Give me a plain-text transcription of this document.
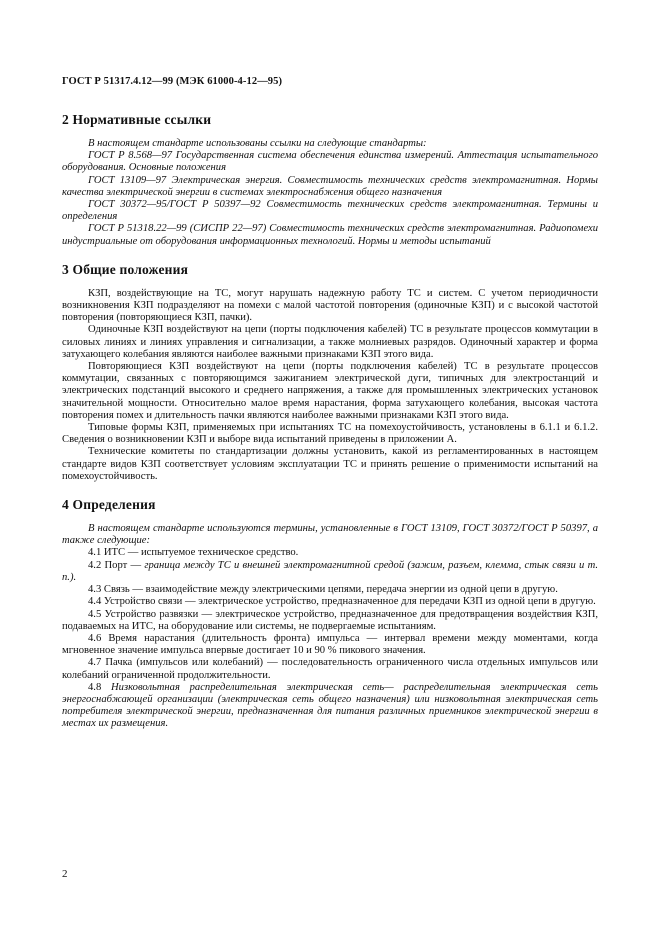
ГОСТ Р 51317.4.12—99 (МЭК 61000-4-12—95)
2 Нормативные ссылки

В настоящем стандарте использованы ссылки на следующие стандарты:

ГОСТ Р 8.568—97 Государственная система обеспечения единства измерений. Аттестация испытательного оборудования. Основные положения

ГОСТ 13109—97 Электрическая энергия. Совместимость технических средств электромагнитная. Нормы качества электрической энергии в системах электроснабжения общего назначения

ГОСТ 30372—95/ГОСТ Р 50397—92 Совместимость технических средств электромагнитная. Термины и определения

ГОСТ Р 51318.22—99 (СИСПР 22—97) Совместимость технических средств электромагнитная. Радиопомехи индустриальные от оборудования информационных технологий. Нормы и методы испытаний

3 Общие положения

КЗП, воздействующие на ТС, могут нарушать надежную работу ТС и систем. С учетом периодичности возникновения КЗП подразделяют на помехи с малой частотой повторения (одиночные КЗП) и с высокой частотой повторения (повторяющиеся КЗП, пачки).

Одиночные КЗП воздействуют на цепи (порты подключения кабелей) ТС в результате процессов коммутации в силовых линиях и линиях управления и сигнализации, а также молниевых разрядов. Одиночный характер и форма затухающего колебания являются наиболее важными признаками КЗП этого вида.

Повторяющиеся КЗП воздействуют на цепи (порты подключения кабелей) ТС в результате процессов коммутации, связанных с повторяющимся зажиганием электрической дуги, типичных для электростанций и электрических подстанций высокого и среднего напряжения, а также для промышленных электрических установок значительной мощности. Относительно малое время нарастания, форма затухающего колебания, высокая частота повторения помех и длительность пачки являются наиболее важными признаками КЗП этого вида.

Типовые формы КЗП, применяемых при испытаниях ТС на помехоустойчивость, установлены в 6.1.1 и 6.1.2. Сведения о возникновении КЗП и выборе вида испытаний приведены в приложении А.

Технические комитеты по стандартизации должны установить, какой из регламентированных в настоящем стандарте видов КЗП соответствует условиям эксплуатации ТС и принять решение о применимости испытаний на помехоустойчивость.

4 Определения

В настоящем стандарте используются термины, установленные в ГОСТ 13109, ГОСТ 30372/ГОСТ Р 50397, а также следующие:

4.1 ИТС — испытуемое техническое средство.

4.2 Порт — граница между ТС и внешней электромагнитной средой (зажим, разъем, клемма, стык связи и т. п.).

4.3 Связь — взаимодействие между электрическими цепями, передача энергии из одной цепи в другую.

4.4 Устройство связи — электрическое устройство, предназначенное для передачи КЗП из одной цепи в другую.

4.5 Устройство развязки — электрическое устройство, предназначенное для предотвращения воздействия КЗП, подаваемых на ИТС, на оборудование или системы, не подвергаемые испытаниям.

4.6 Время нарастания (длительность фронта) импульса — интервал времени между моментами, когда мгновенное значение импульса впервые достигает 10 и 90 % пикового значения.

4.7 Пачка (импульсов или колебаний) — последовательность ограниченного числа отдельных импульсов или колебаний ограниченной продолжительности.

4.8 Низковольтная распределительная электрическая сеть— распределительная электрическая сеть энергоснабжающей организации (электрическая сеть общего назначения) или низковольтная электрическая сеть потребителя электрической энергии, предназначенная для питания различных приемников электрической энергии в местах их размещения.

2
